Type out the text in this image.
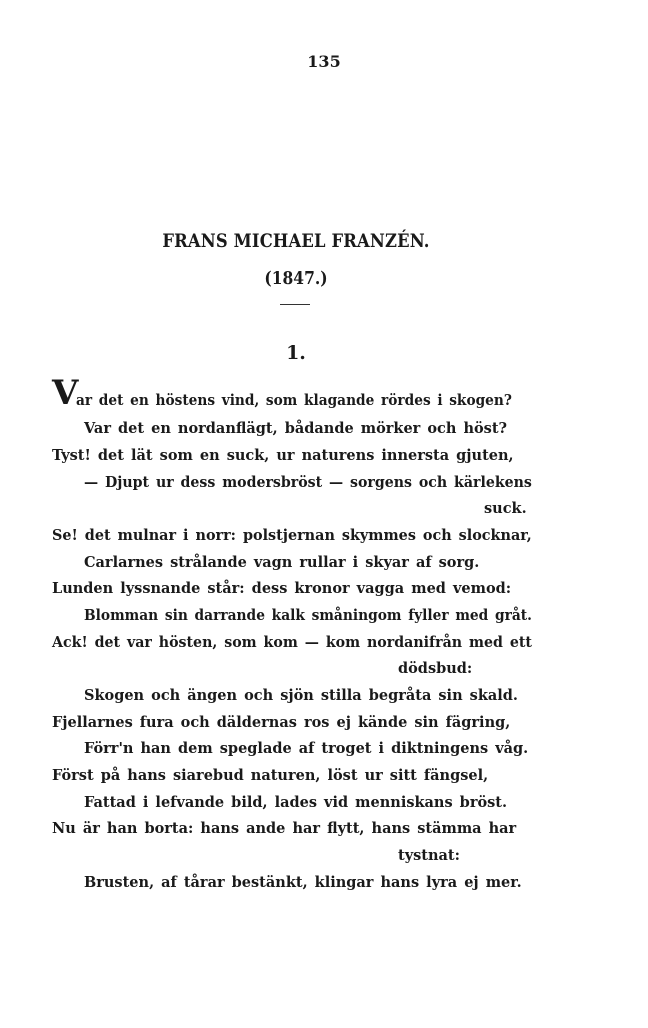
135
FRANS MICHAEL FRANZÉN.
(1847.)
1.
V
ar det en höstens vind, som klagande rördes i skogen?
Var det en nordanflägt, bådande mörker och höst?
Tyst! det lät som en suck, ur naturens innersta gjuten,
— Djupt ur dess modersbröst — sorgens och kärlekens
suck.
Se! det mulnar i norr: polstjernan skymmes och slocknar,
Carlarnes strålande vagn rullar i skyar af sorg.
Lunden lyssnande står: dess kronor vagga med vemod:
Blomman sin darrande kalk småningom fyller med gråt.
Ack! det var hösten, som kom — kom nordanifrån med ett
dödsbud:
Skogen och ängen och sjön stilla begråta sin skald.
Fjellarnes fura och däldernas ros ej kände sin fägring,
Förr'n han dem speglade af troget i diktningens våg.
Först på hans siarebud naturen, löst ur sitt fängsel,
Fattad i lefvande bild, lades vid menniskans bröst.
Nu är han borta: hans ande har flytt, hans stämma har
tystnat:
Brusten, af tårar bestänkt, klingar hans lyra ej mer.
